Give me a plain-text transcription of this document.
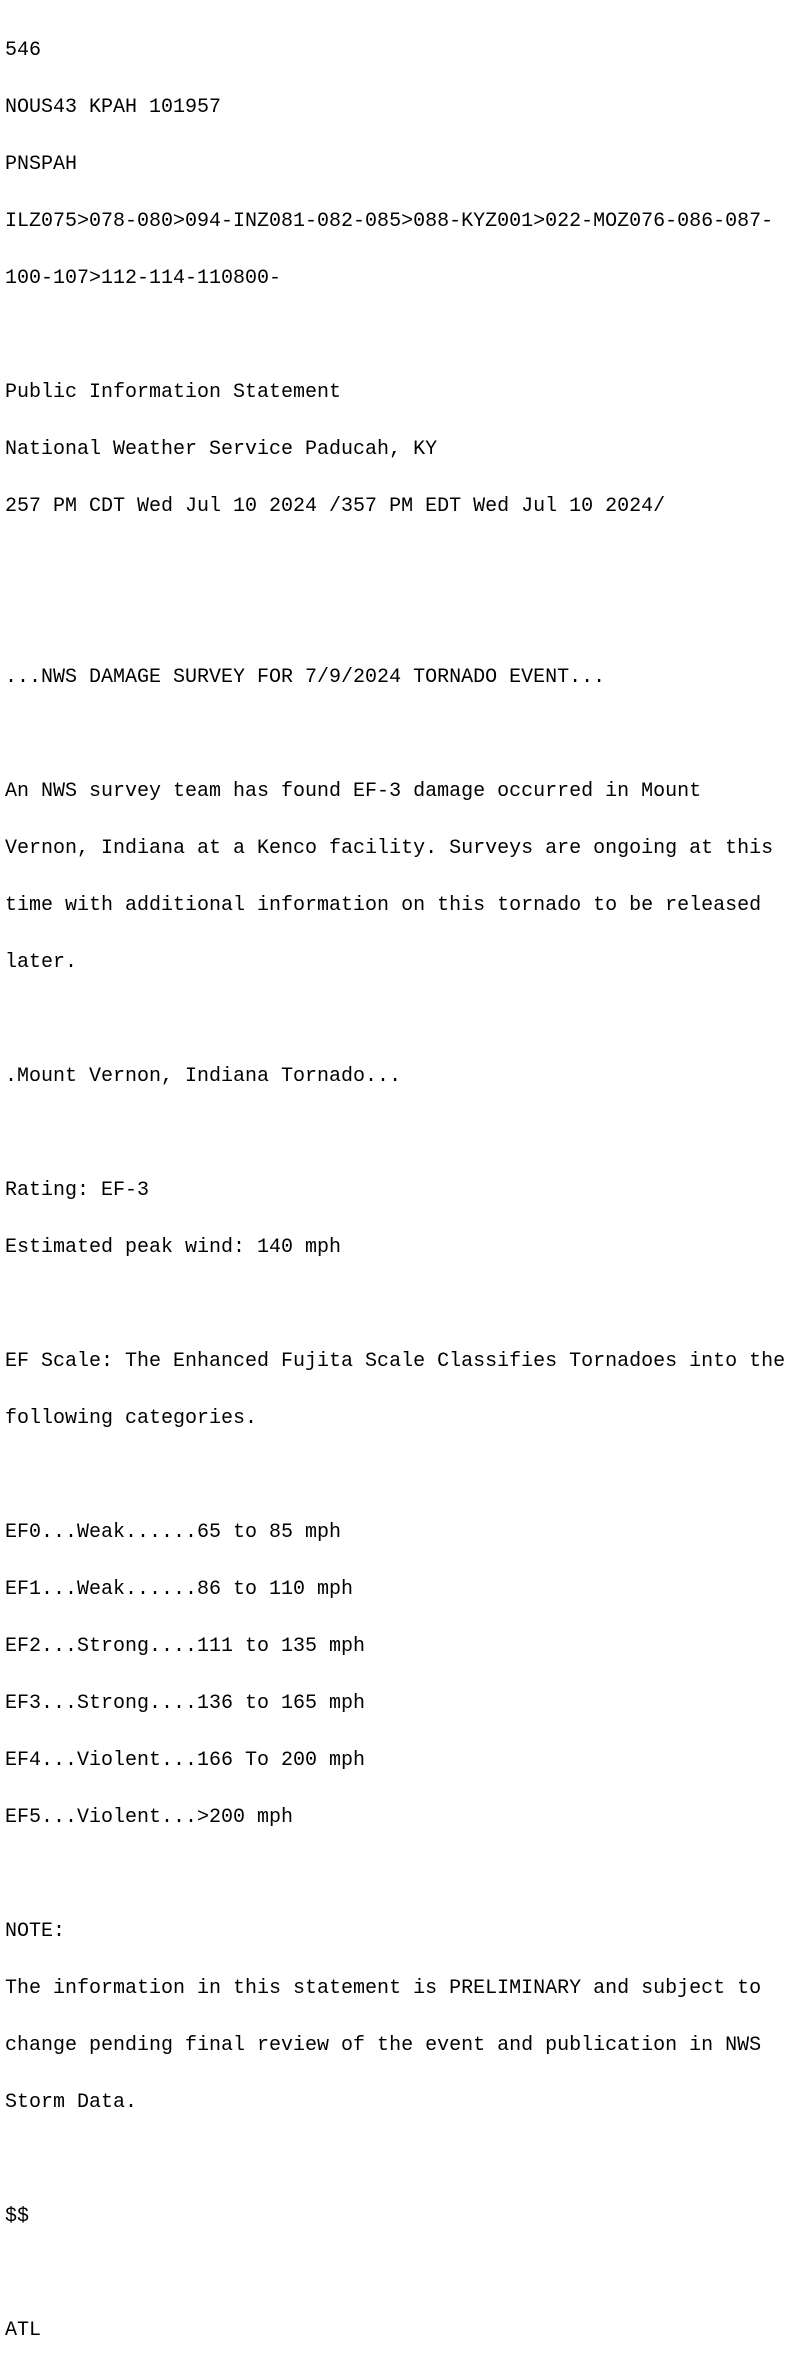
546

NOUS43 KPAH 101957

PNSPAH

ILZ075>078-080>094-INZ081-082-085>088-KYZ001>022-MOZ076-086-087-

100-107>112-114-110800-

Public Information Statement

National Weather Service Paducah, KY

257 PM CDT Wed Jul 10 2024 /357 PM EDT Wed Jul 10 2024/

...NWS DAMAGE SURVEY FOR 7/9/2024 TORNADO EVENT...

An NWS survey team has found EF-3 damage occurred in Mount

Vernon, Indiana at a Kenco facility. Surveys are ongoing at this

time with additional information on this tornado to be released

later.

.Mount Vernon, Indiana Tornado...

Rating: EF-3

Estimated peak wind: 140 mph

EF Scale: The Enhanced Fujita Scale Classifies Tornadoes into the

following categories.

EF0...Weak......65 to 85 mph

EF1...Weak......86 to 110 mph

EF2...Strong....111 to 135 mph

EF3...Strong....136 to 165 mph

EF4...Violent...166 To 200 mph

EF5...Violent...>200 mph

NOTE:

The information in this statement is PRELIMINARY and subject to

change pending final review of the event and publication in NWS

Storm Data.

$$

ATL
